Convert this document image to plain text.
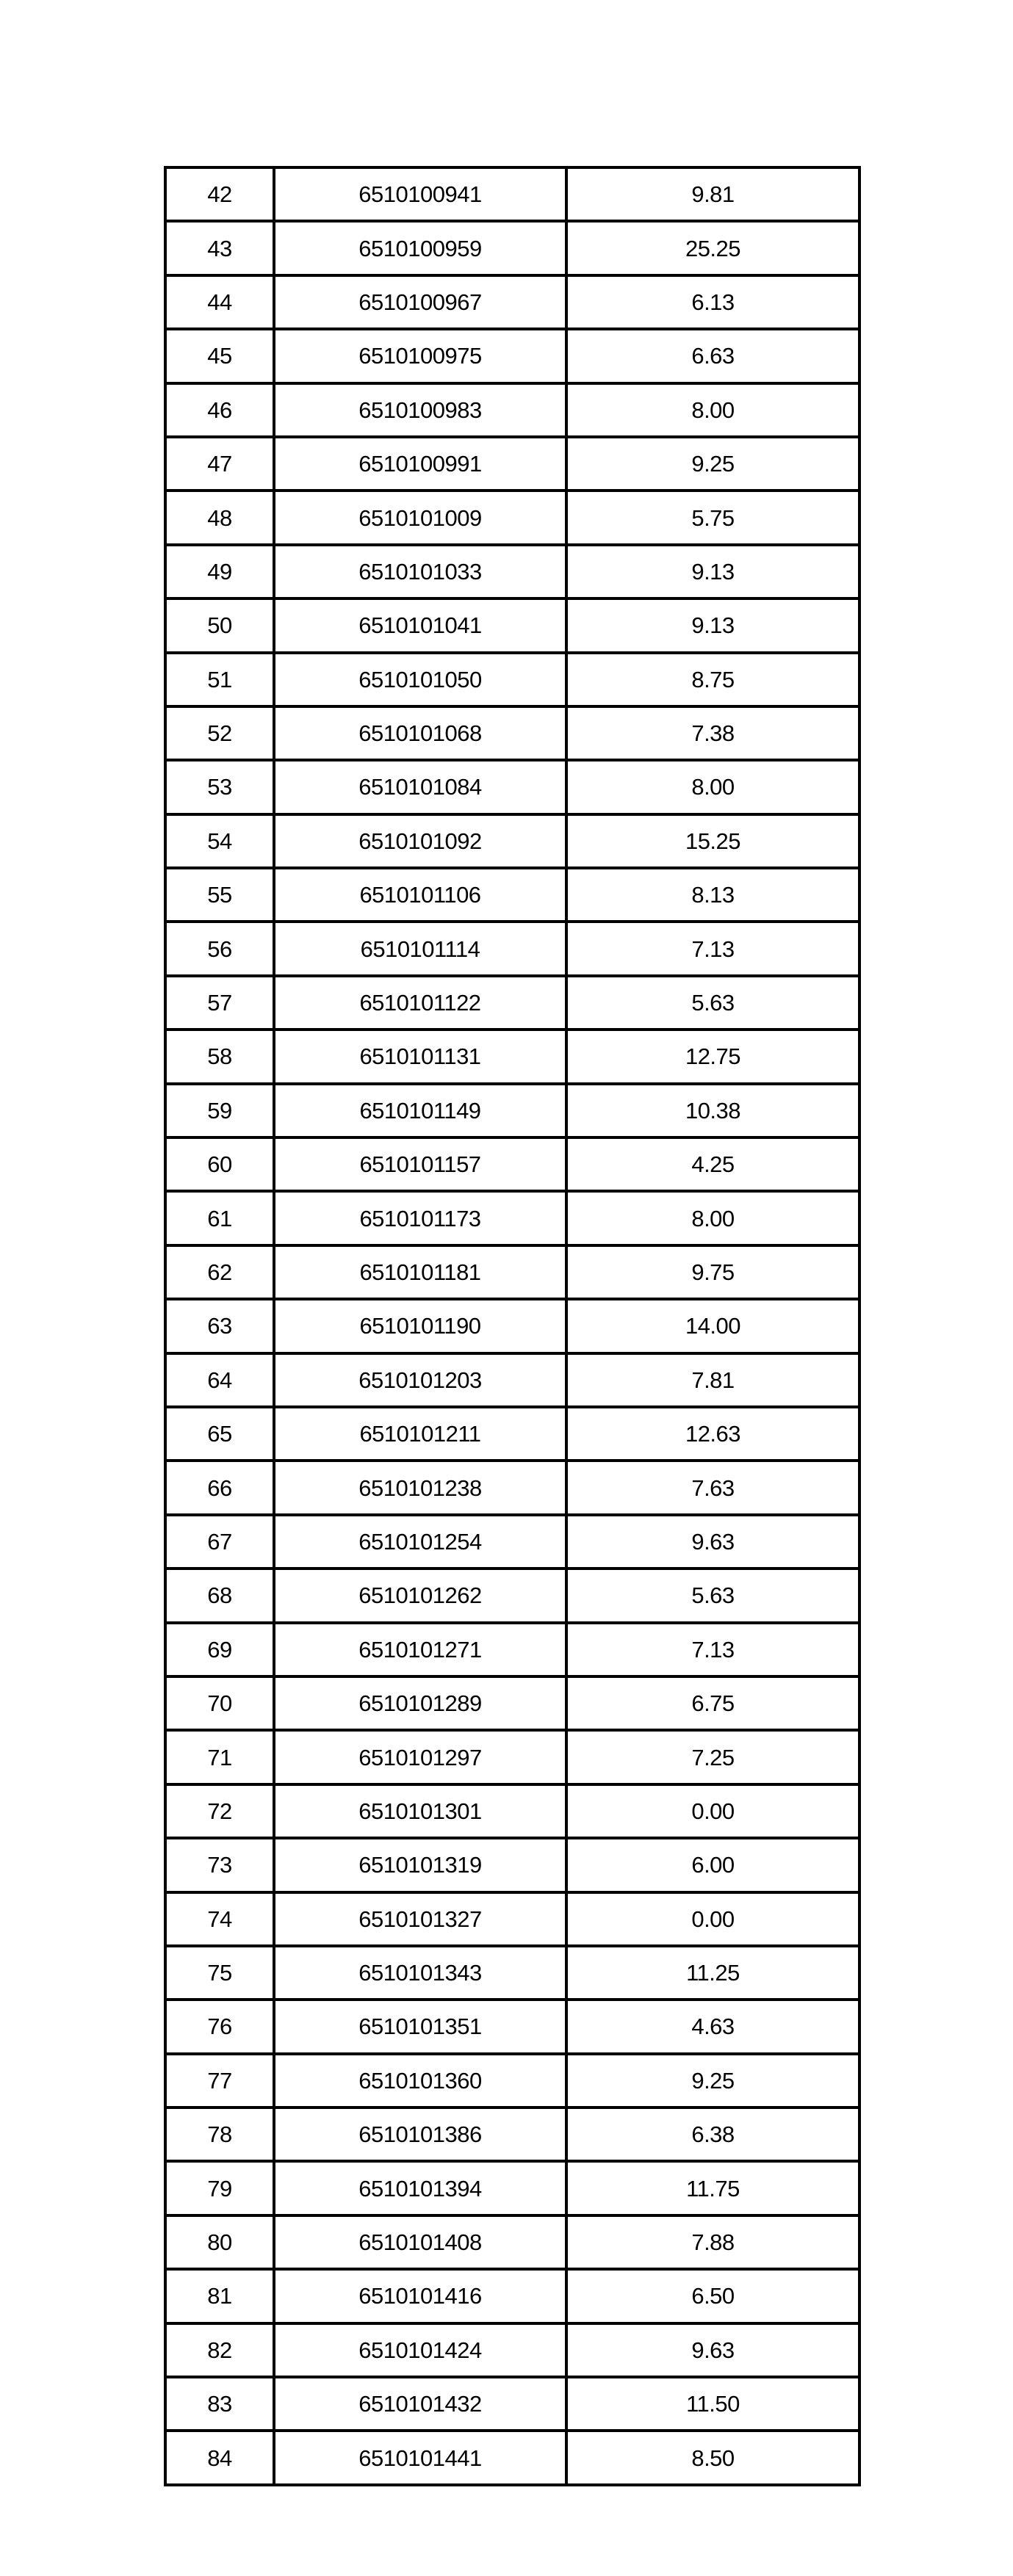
42	6510100941	9.81
43	6510100959	25.25
44	6510100967	6.13
45	6510100975	6.63
46	6510100983	8.00
47	6510100991	9.25
48	6510101009	5.75
49	6510101033	9.13
50	6510101041	9.13
51	6510101050	8.75
52	6510101068	7.38
53	6510101084	8.00
54	6510101092	15.25
55	6510101106	8.13
56	6510101114	7.13
57	6510101122	5.63
58	6510101131	12.75
59	6510101149	10.38
60	6510101157	4.25
61	6510101173	8.00
62	6510101181	9.75
63	6510101190	14.00
64	6510101203	7.81
65	6510101211	12.63
66	6510101238	7.63
67	6510101254	9.63
68	6510101262	5.63
69	6510101271	7.13
70	6510101289	6.75
71	6510101297	7.25
72	6510101301	0.00
73	6510101319	6.00
74	6510101327	0.00
75	6510101343	11.25
76	6510101351	4.63
77	6510101360	9.25
78	6510101386	6.38
79	6510101394	11.75
80	6510101408	7.88
81	6510101416	6.50
82	6510101424	9.63
83	6510101432	11.50
84	6510101441	8.50
